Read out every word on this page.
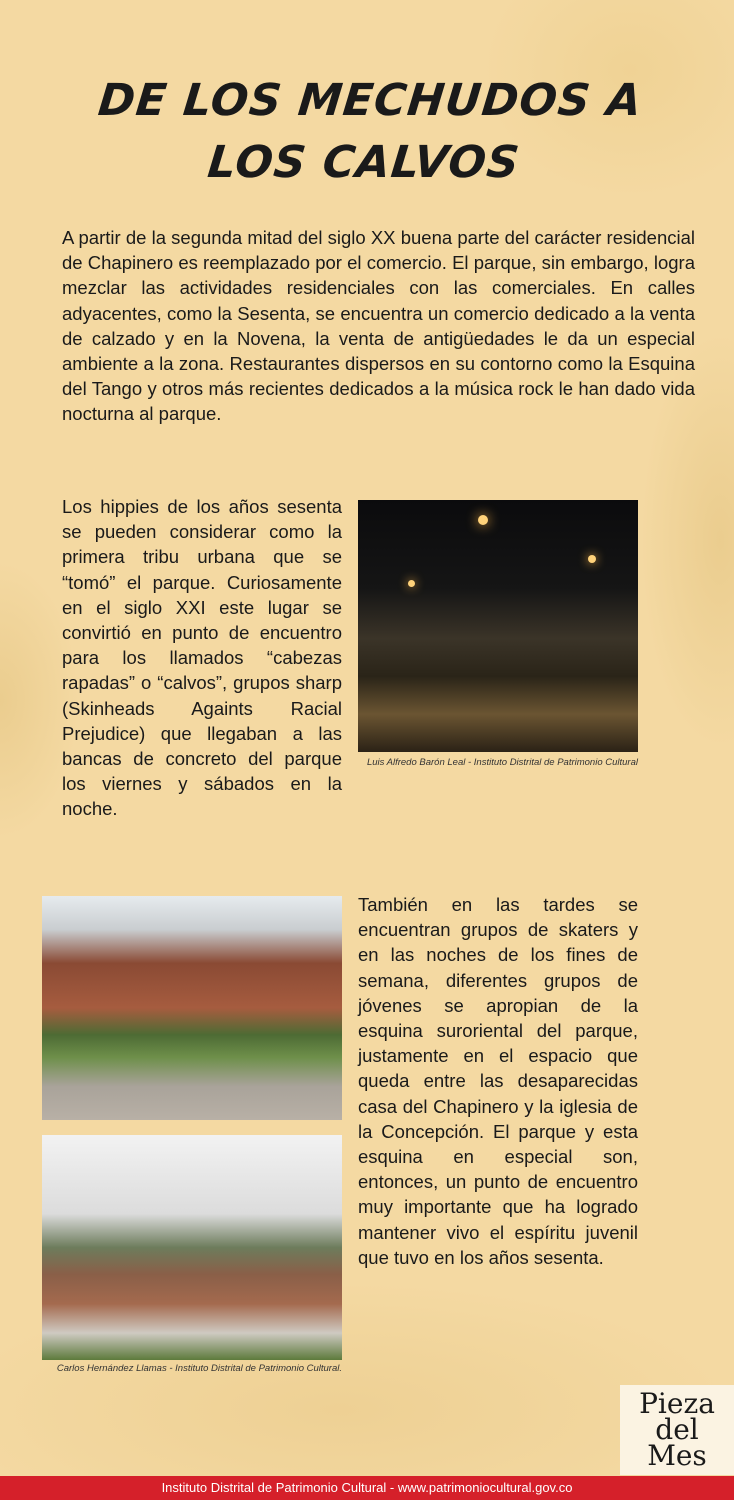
DE LOS MECHUDOS A
LOS CALVOS

A partir de la segunda mitad del siglo XX buena parte del carácter residencial de Chapinero es reemplazado por el comercio. El parque, sin embargo, logra mezclar las actividades residenciales con las comerciales. En calles adyacentes, como la Sesenta, se encuentra un comercio dedicado a la venta de calzado y en la Novena, la venta de antigüedades le da un especial ambiente a la zona. Restaurantes dispersos en su contorno como la Esquina del Tango y otros más recientes dedicados a la música rock le han dado vida nocturna al parque.

Los hippies de los años sesenta se pueden considerar como la primera tribu urbana que se “tomó” el parque. Curiosamente en el siglo XXI este lugar se convirtió en punto de encuentro para los llamados “cabezas rapadas” o “calvos”, grupos sharp (Skinheads Againts Racial Prejudice) que llegaban a las bancas de concreto del parque los viernes y sábados en la noche.

Luis Alfredo Barón Leal - Instituto Distrital de Patrimonio Cultural
Carlos Hernández Llamas - Instituto Distrital de Patrimonio Cultural.

También en las tardes se encuentran grupos de skaters y en las noches de los fines de semana, diferentes grupos de jóvenes se apropian de la esquina suroriental del parque, justamente en el espacio que queda entre las desaparecidas casa del Chapinero y la iglesia de la Concepción. El parque y esta esquina en especial son, entonces, un punto de encuentro muy importante que ha logrado mantener vivo el espíritu juvenil que tuvo en los años sesenta.

Pieza
del
Mes
Instituto Distrital de Patrimonio Cultural - www.patrimoniocultural.gov.co
